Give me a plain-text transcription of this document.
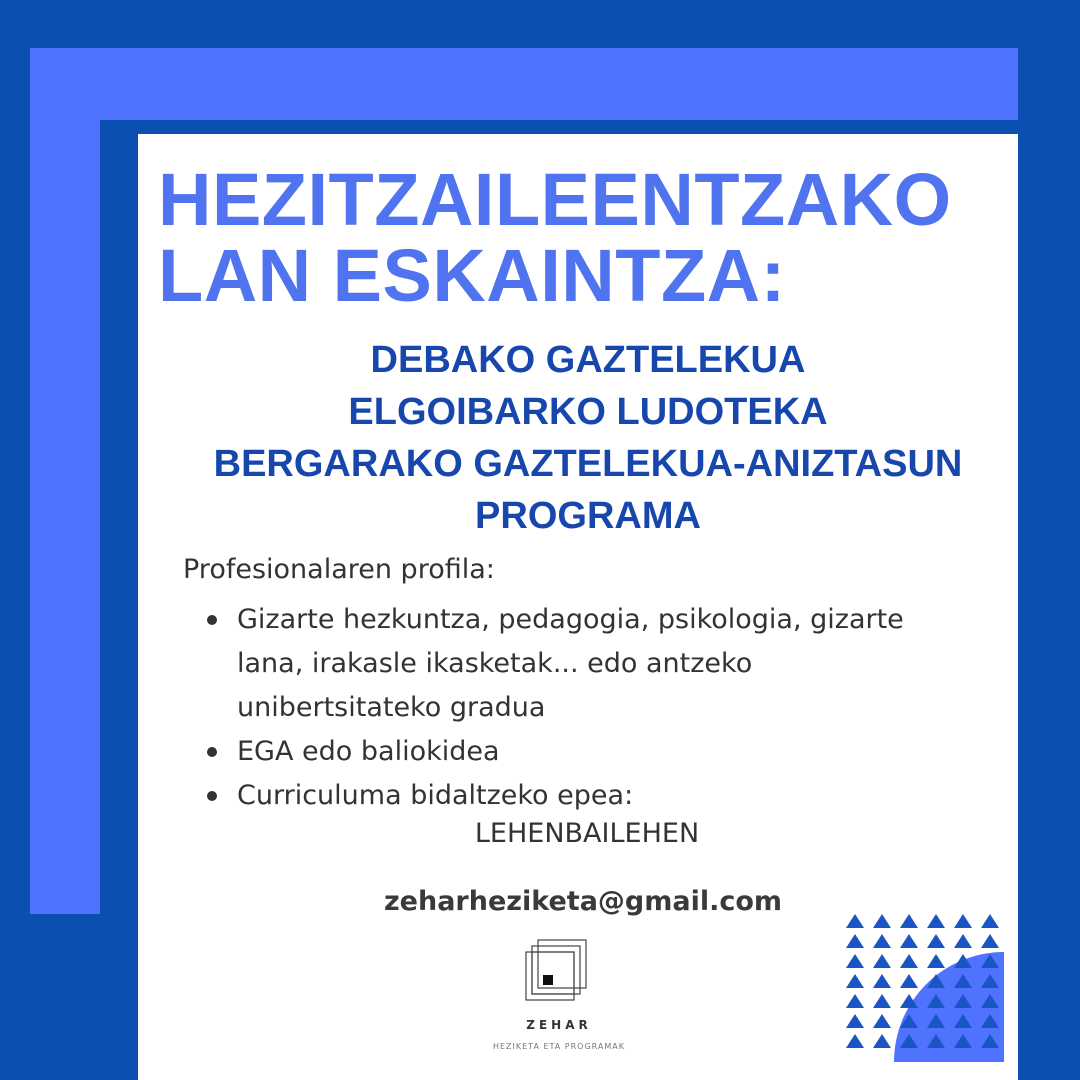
HEZITZAILEENTZAKO
LAN ESKAINTZA:
DEBAKO GAZTELEKUA
ELGOIBARKO LUDOTEKA
BERGARAKO GAZTELEKUA-ANIZTASUN
PROGRAMA
Profesionalaren profila:
Gizarte hezkuntza, pedagogia, psikologia, gizarte lana, irakasle ikasketak... edo antzeko unibertsitateko gradua
EGA edo baliokidea
Curriculuma bidaltzeko epea:
LEHENBAILEHEN
zeharheziketa@gmail.com
ZEHAR
HEZIKETA ETA PROGRAMAK
